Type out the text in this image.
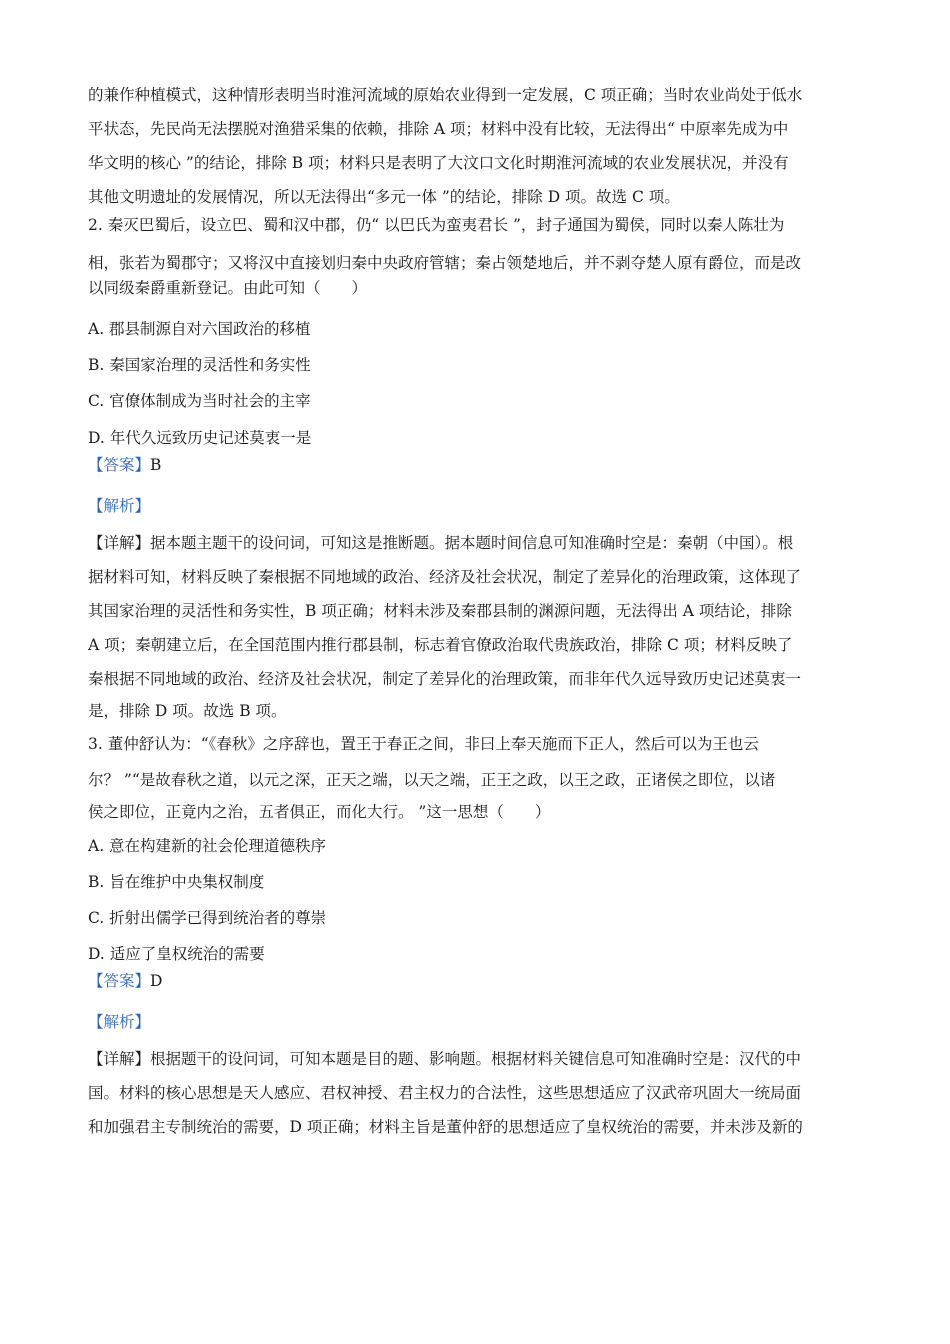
的兼作种植模式，这种情形表明当时淮河流域的原始农业得到一定发展，C 项正确；当时农业尚处于低水
平状态，先民尚无法摆脱对渔猎采集的依赖，排除 A 项；材料中没有比较，无法得出“ 中原率先成为中
华文明的核心 ”的结论，排除 B 项；材料只是表明了大汶口文化时期淮河流域的农业发展状况，并没有
其他文明遗址的发展情况，所以无法得出“多元一体 ”的结论，排除 D 项。故选 C 项。
2. 秦灭巴蜀后，设立巴、蜀和汉中郡，仍“ 以巴氏为蛮夷君长 ”，封子通国为蜀侯，同时以秦人陈壮为
相，张若为蜀郡守；又将汉中直接划归秦中央政府管辖；秦占领楚地后，并不剥夺楚人原有爵位，而是改
以同级秦爵重新登记。由此可知（　　）
A. 郡县制源自对六国政治的移植
B. 秦国家治理的灵活性和务实性
C. 官僚体制成为当时社会的主宰
D. 年代久远致历史记述莫衷一是
【答案】B
【解析】
【详解】据本题主题干的设问词，可知这是推断题。据本题时间信息可知准确时空是：秦朝（中国）。根
据材料可知，材料反映了秦根据不同地域的政治、经济及社会状况，制定了差异化的治理政策，这体现了
其国家治理的灵活性和务实性，B 项正确；材料未涉及秦郡县制的渊源问题，无法得出 A 项结论，排除
A 项；秦朝建立后，在全国范围内推行郡县制，标志着官僚政治取代贵族政治，排除 C 项；材料反映了
秦根据不同地域的政治、经济及社会状况，制定了差异化的治理政策，而非年代久远导致历史记述莫衷一
是，排除 D 项。故选 B 项。
3. 董仲舒认为：“《春秋》之序辞也，置王于春正之间，非曰上奉天施而下正人，然后可以为王也云
尔？ ”“是故春秋之道，以元之深，正天之端，以天之端，正王之政，以王之政，正诸侯之即位，以诸
侯之即位，正竟内之治，五者俱正，而化大行。 ”这一思想（　　）
A. 意在构建新的社会伦理道德秩序
B. 旨在维护中央集权制度
C. 折射出儒学已得到统治者的尊崇
D. 适应了皇权统治的需要
【答案】D
【解析】
【详解】根据题干的设问词，可知本题是目的题、影响题。根据材料关键信息可知准确时空是：汉代的中
国。材料的核心思想是天人感应、君权神授、君主权力的合法性，这些思想适应了汉武帝巩固大一统局面
和加强君主专制统治的需要，D 项正确；材料主旨是董仲舒的思想适应了皇权统治的需要，并未涉及新的
